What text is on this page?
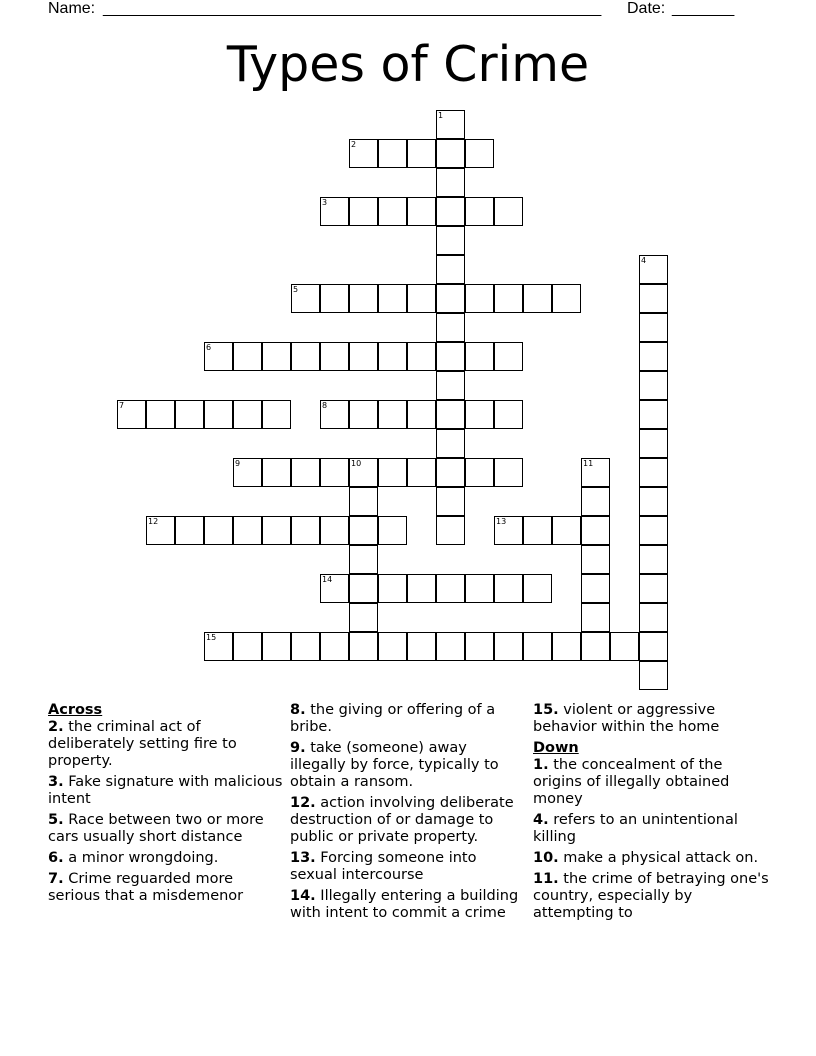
Name: ________________________________________________________ Date: _______
Types of Crime
1
2
3
4
5
6
7	8
9	10	11
12	13
14
15
Across
2. the criminal act of deliberately setting fire to property.
3. Fake signature with malicious intent
5. Race between two or more cars usually short distance
6. a minor wrongdoing.
7. Crime reguarded more serious that a misdemenor
8. the giving or offering of a bribe.
9. take (someone) away illegally by force, typically to obtain a ransom.
12. action involving deliberate destruction of or damage to public or private property.
13. Forcing someone into sexual intercourse
14. Illegally entering a building with intent to commit a crime
15. violent or aggressive behavior within the home
Down
1. the concealment of the origins of illegally obtained money
4. refers to an unintentional killing
10. make a physical attack on.
11. the crime of betraying one's country, especially by attempting to
